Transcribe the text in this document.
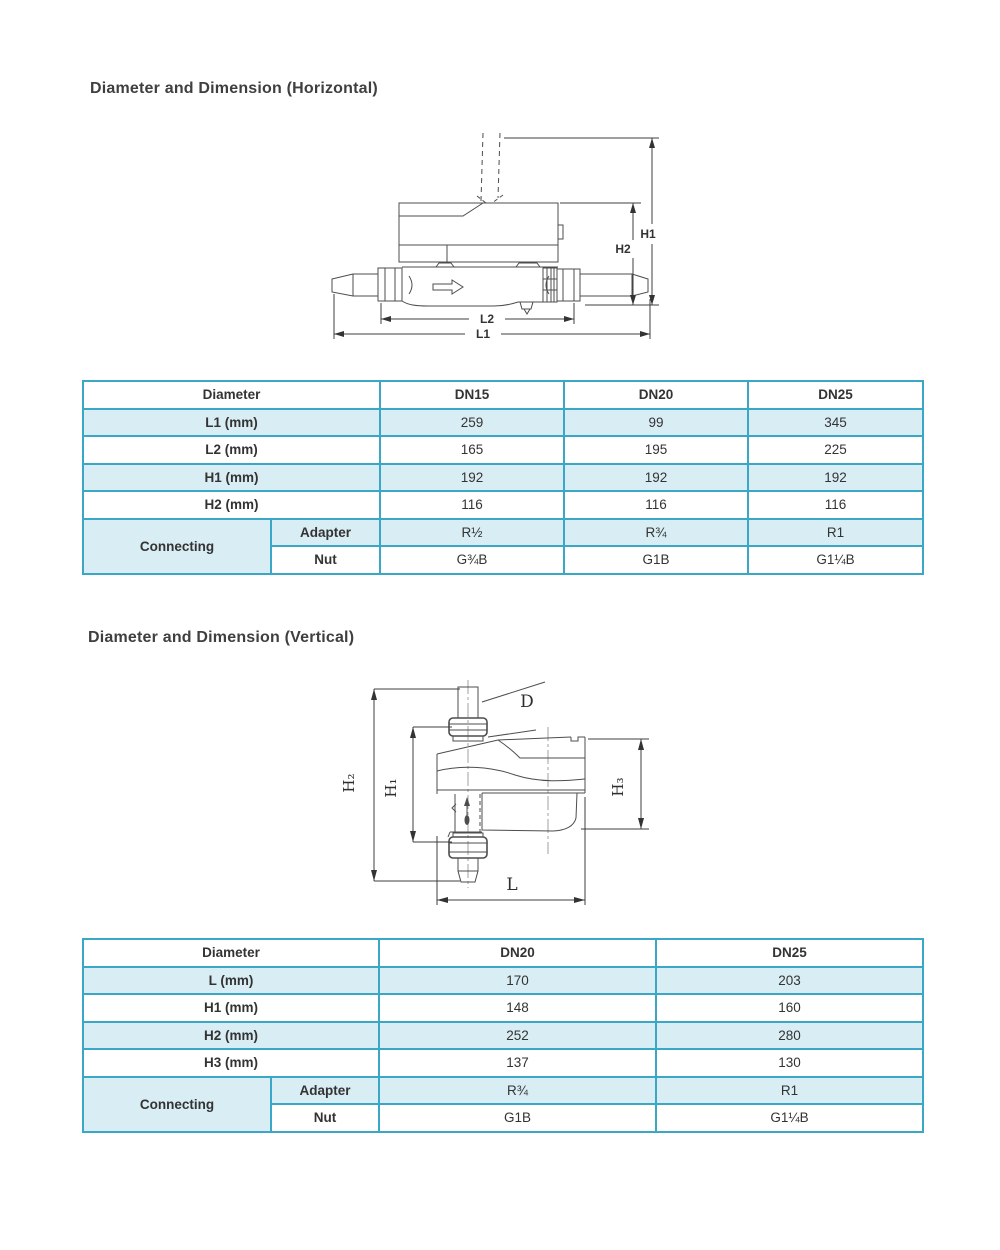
Diameter and Dimension (Horizontal)
H1
H2
L2
L1
Diameter		DN15	DN20	DN25
L1 (mm)		259	99	345
L2 (mm)		165	195	225
H1 (mm)		192	192	192
H2 (mm)		116	116	116
Connecting	Adapter	R½	R¾	R1
	Nut	G¾B	G1B	G1¼B
Diameter and Dimension (Vertical)
D
L
H₂ H₁	H₃
Diameter		DN20	DN25
L (mm)		170	203
H1 (mm)		148	160
H2 (mm)		252	280
H3 (mm)		137	130
Connecting	Adapter	R¾	R1
	Nut	G1B	G1¼B
